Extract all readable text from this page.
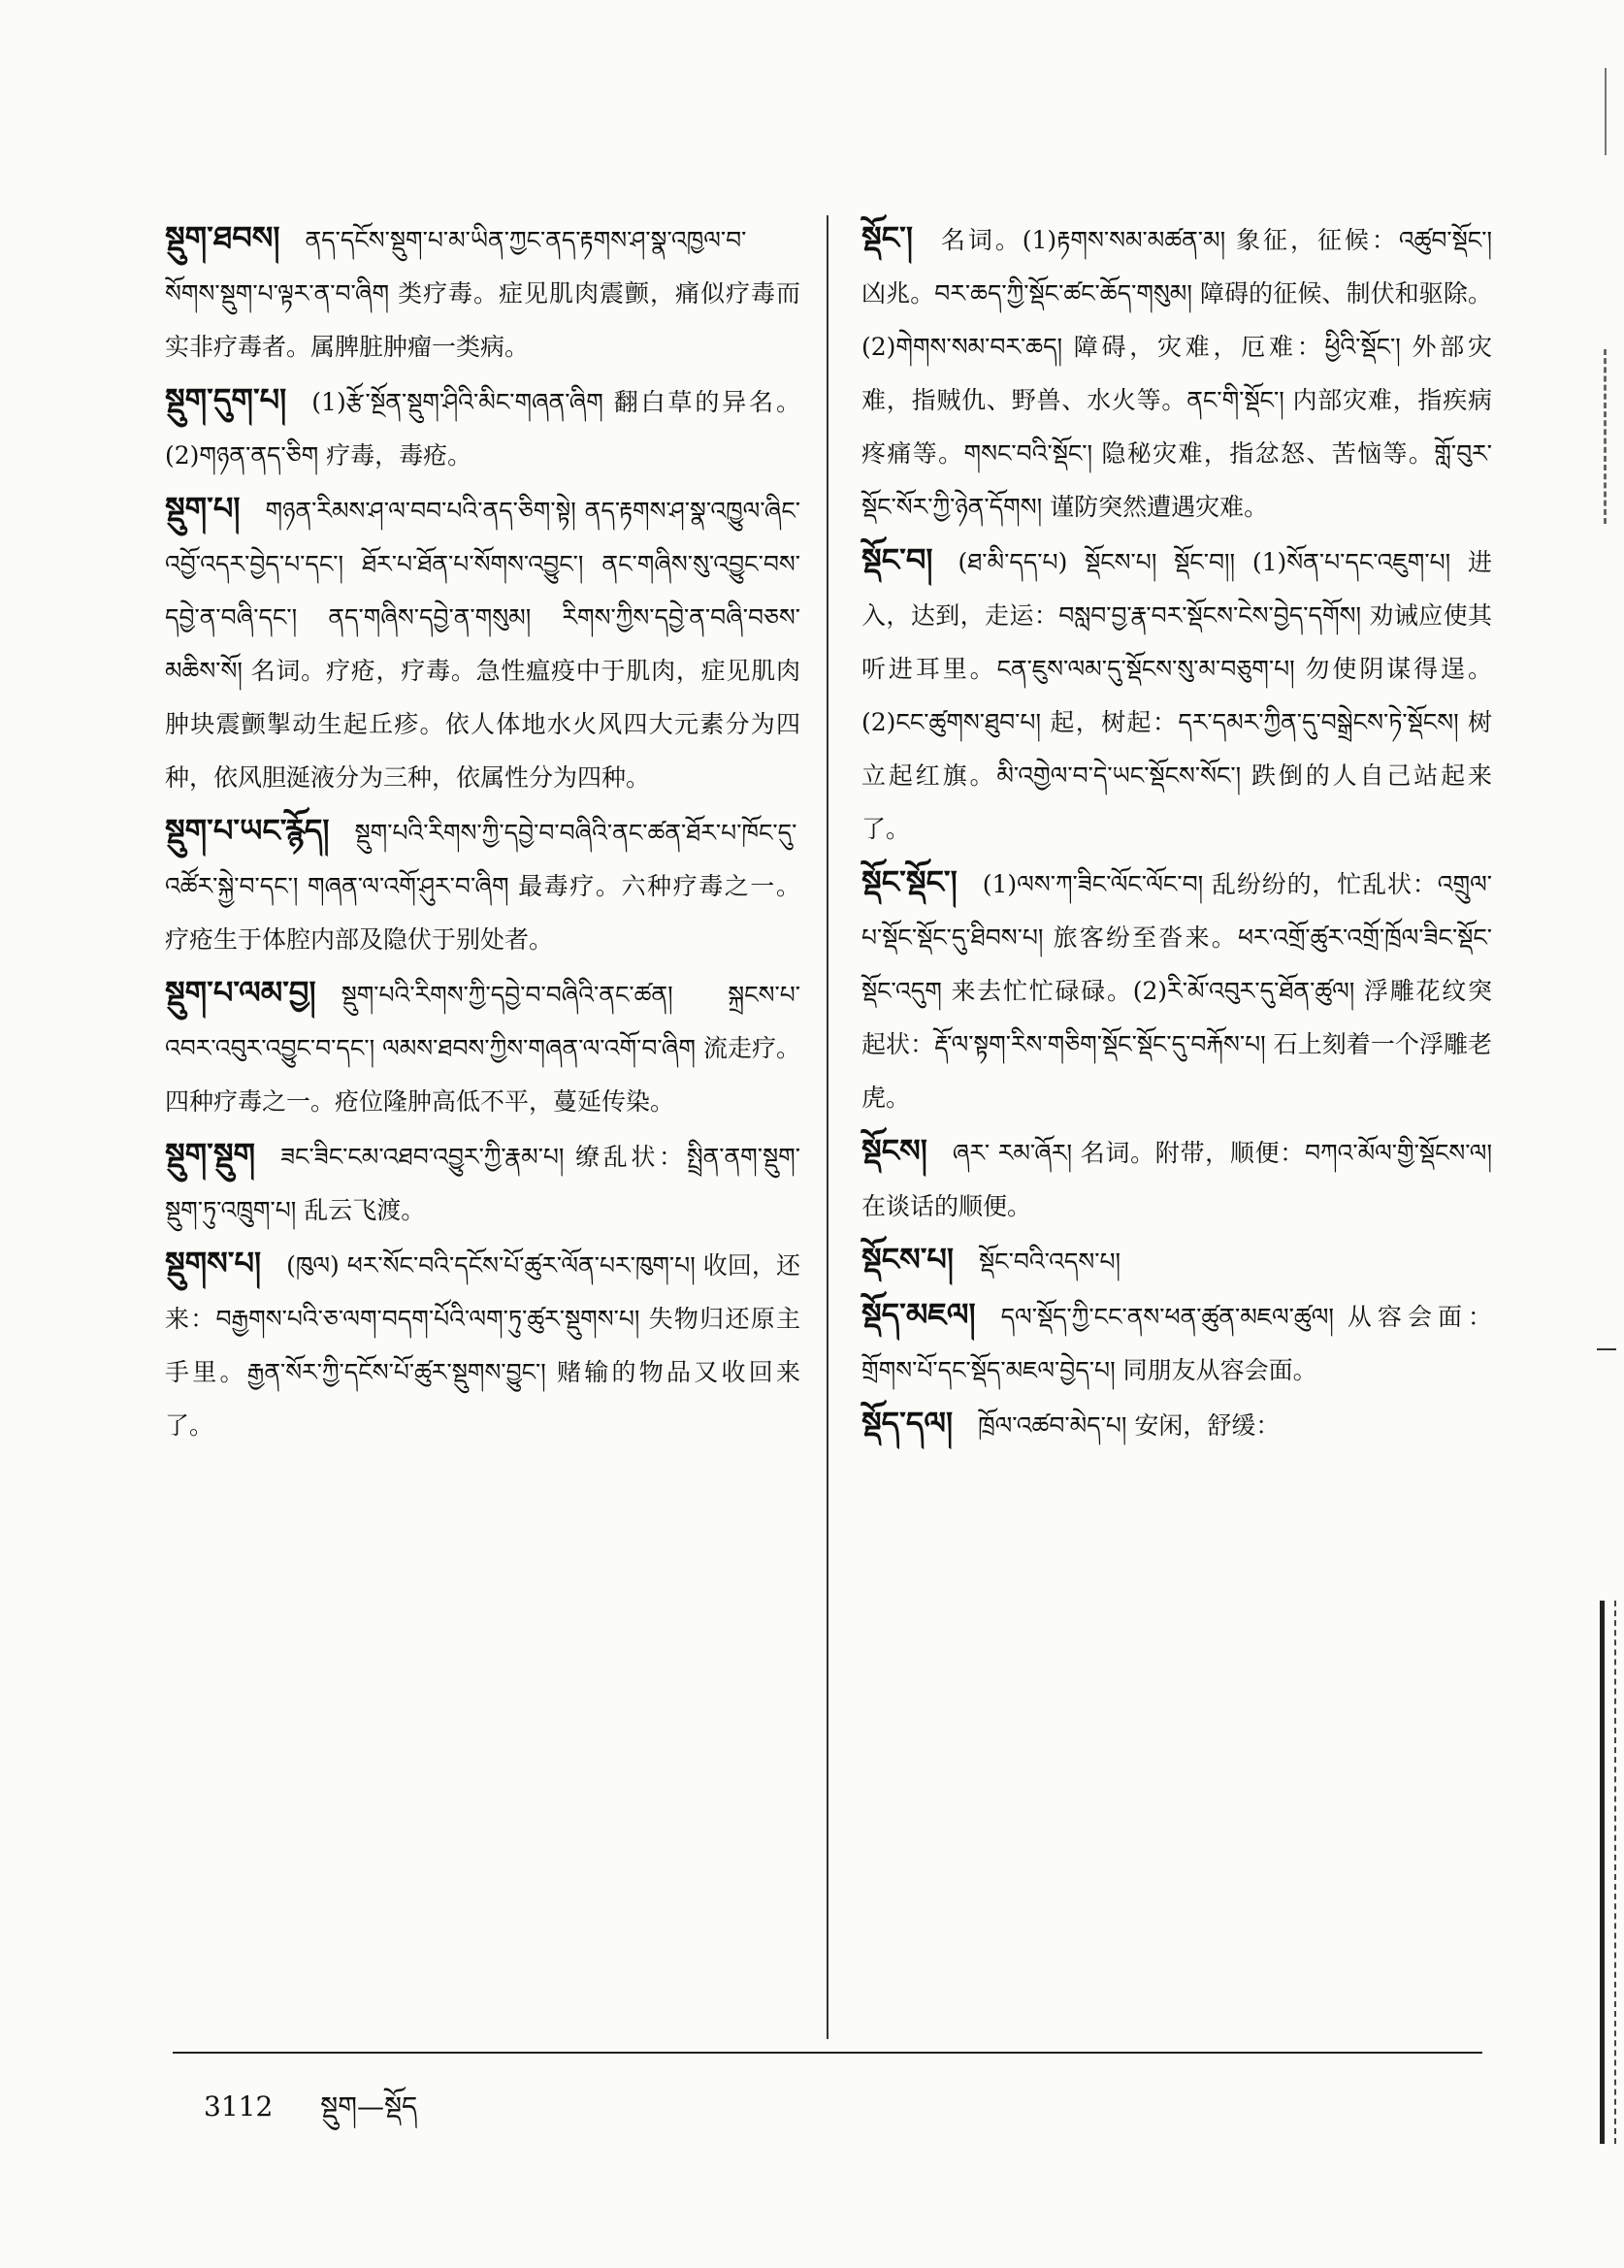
སྡུག་ཐབས། ནད་དངོས་སྡུག་པ་མ་ཡིན་ཀྱང་ནད་རྟགས་ཤ་སྣ་འཁྱལ་བ་སོགས་སྡུག་པ་ལྟར་ན་བ་ཞིག 类疗毒。症见肌肉震颤，痛似疗毒而实非疗毒者。属脾脏肿瘤一类病。

སྡུག་དུག་པ། (1)རྩོ་སྔོན་སྡུག་ཤིའི་མིང་གཞན་ཞིག 翻白草的异名。(2)གཉན་ནད་ཅིག 疗毒，毒疮。

སྡུག་པ། གཉན་རིམས་ཤ་ལ་བབ་པའི་ནད་ཅིག་སྟེ། ནད་རྟགས་ཤ་སྣ་འཁྱུལ་ཞིང་འབྱོ་འདར་བྱེད་པ་དང་། ཐོར་པ་ཐོན་པ་སོགས་འབྱུང་། ནང་གཞིས་སུ་འབྱུང་བས་དབྱེ་ན་བཞི་དང་། ནད་གཞིས་དབྱེ་ན་གསུམ། རིགས་ཀྱིས་དབྱེ་ན་བཞི་བཅས་མཆིས་སོ། 名词。疗疮，疗毒。急性瘟疫中于肌肉，症见肌肉肿块震颤掣动生起丘疹。依人体地水火风四大元素分为四种，依风胆涎液分为三种，依属性分为四种。

སྡུག་པ་ཡང་རྙོད། སྡུག་པའི་རིགས་ཀྱི་དབྱེ་བ་བཞིའི་ནང་ཚན་ཐོར་པ་ཁོང་དུ་འཚོར་སྐྱེ་བ་དང་། གཞན་ལ་འགོ་ཤུར་བ་ཞིག 最毒疗。六种疗毒之一。疗疮生于体腔内部及隐伏于别处者。

སྡུག་པ་ལམ་བྱ། སྡུག་པའི་རིགས་ཀྱི་དབྱེ་བ་བཞིའི་ནང་ཚན། སྐྲངས་པ་འབར་འབུར་འབྱུང་བ་དང་། ལམས་ཐབས་ཀྱིས་གཞན་ལ་འགོ་བ་ཞིག 流走疗。四种疗毒之一。疮位隆肿高低不平，蔓延传染。

སྡུག་སྡུག ཟང་ཟིང་ངམ་འཐབ་འབྱུར་ཀྱི་རྣམ་པ། 缭乱状：སྤྲིན་ནག་སྡུག་སྡུག་ཏུ་འཁྲུག་པ། 乱云飞渡。

སྡུགས་པ། (ཁུལ) ཕར་སོང་བའི་དངོས་པོ་ཚུར་ལོན་པར་ཁུག་པ། 收回，还来：བརྒྱགས་པའི་ཅ་ལག་བདག་པོའི་ལག་ཏུ་ཚུར་སྡུགས་པ། 失物归还原主手里。རྒྱན་སོར་ཀྱི་དངོས་པོ་ཚུར་སྡུགས་བྱུང་། 赌输的物品又收回来了。

སྡོང་། 名词。(1)རྟགས་སམ་མཚན་མ། 象征，征候：འཚུབ་སྡོང་། 凶兆。བར་ཆད་ཀྱི་སྡོང་ཚང་ཆོད་གསུམ། 障碍的征候、制伏和驱除。(2)གེགས་སམ་བར་ཆད། 障碍，灾难，厄难：ཕྱིའི་སྡོང་། 外部灾难，指贼仇、野兽、水火等。ནང་གི་སྡོང་། 内部灾难，指疾病疼痛等。གསང་བའི་སྡོང་། 隐秘灾难，指忿怒、苦恼等。གློ་བུར་སྡོང་སོར་ཀྱི་ཉེན་དོགས། 谨防突然遭遇灾难。

སྡོང་བ། (ཐ་མི་དད་པ) སྡོངས་པ། སྡོང་བ།། (1)སོན་པ་དང་འཇུག་པ། 进入，达到，走运：བསླབ་བྱ་རྣ་བར་སྡོངས་ངེས་བྱེད་དགོས། 劝诫应使其听进耳里。ངན་ཇུས་ལམ་དུ་སྡོངས་སུ་མ་བཅུག་པ། 勿使阴谋得逞。(2)ངང་ཚུགས་ཐུབ་པ། 起，树起：དར་དམར་ཀྱིན་དུ་བསྒྲེངས་ཏེ་སྡོངས། 树立起红旗。མི་འགྱེལ་བ་དེ་ཡང་སྡོངས་སོང་། 跌倒的人自己站起来了。

སྡོང་སྡོང་། (1)ལས་ཀ་ཟིང་ལོང་ལོང་བ། 乱纷纷的，忙乱状：འགྲུལ་པ་སྡོང་སྡོང་དུ་ཐིབས་པ། 旅客纷至沓来。ཕར་འགྲོ་ཚུར་འགྲོ་ཁྲོལ་ཟིང་སྡོང་སྡོང་འདུག 来去忙忙碌碌。(2)རི་མོ་འབུར་དུ་ཐོན་ཚུལ། 浮雕花纹突起状：རྡོ་ལ་སྟག་རིས་གཅིག་སྡོང་སྡོང་དུ་བརྐོས་པ། 石上刻着一个浮雕老虎。

སྡོངས། ཞར་ རམ་ཞོར། 名词。附带，顺便：བཀའ་མོལ་གྱི་སྡོངས་ལ། 在谈话的顺便。

སྡོངས་པ། སྡོང་བའི་འདས་པ།

སྡོད་མཇལ། དལ་སྡོད་ཀྱི་ངང་ནས་ཕན་ཚུན་མཇལ་ཚུལ། 从容会面：གྲོགས་པོ་དང་སྡོད་མཇལ་བྱེད་པ། 同朋友从容会面。

སྡོད་དལ། ཁྲོལ་འཚབ་མེད་པ། 安闲，舒缓：

3112 སྡུག—སྡོད
